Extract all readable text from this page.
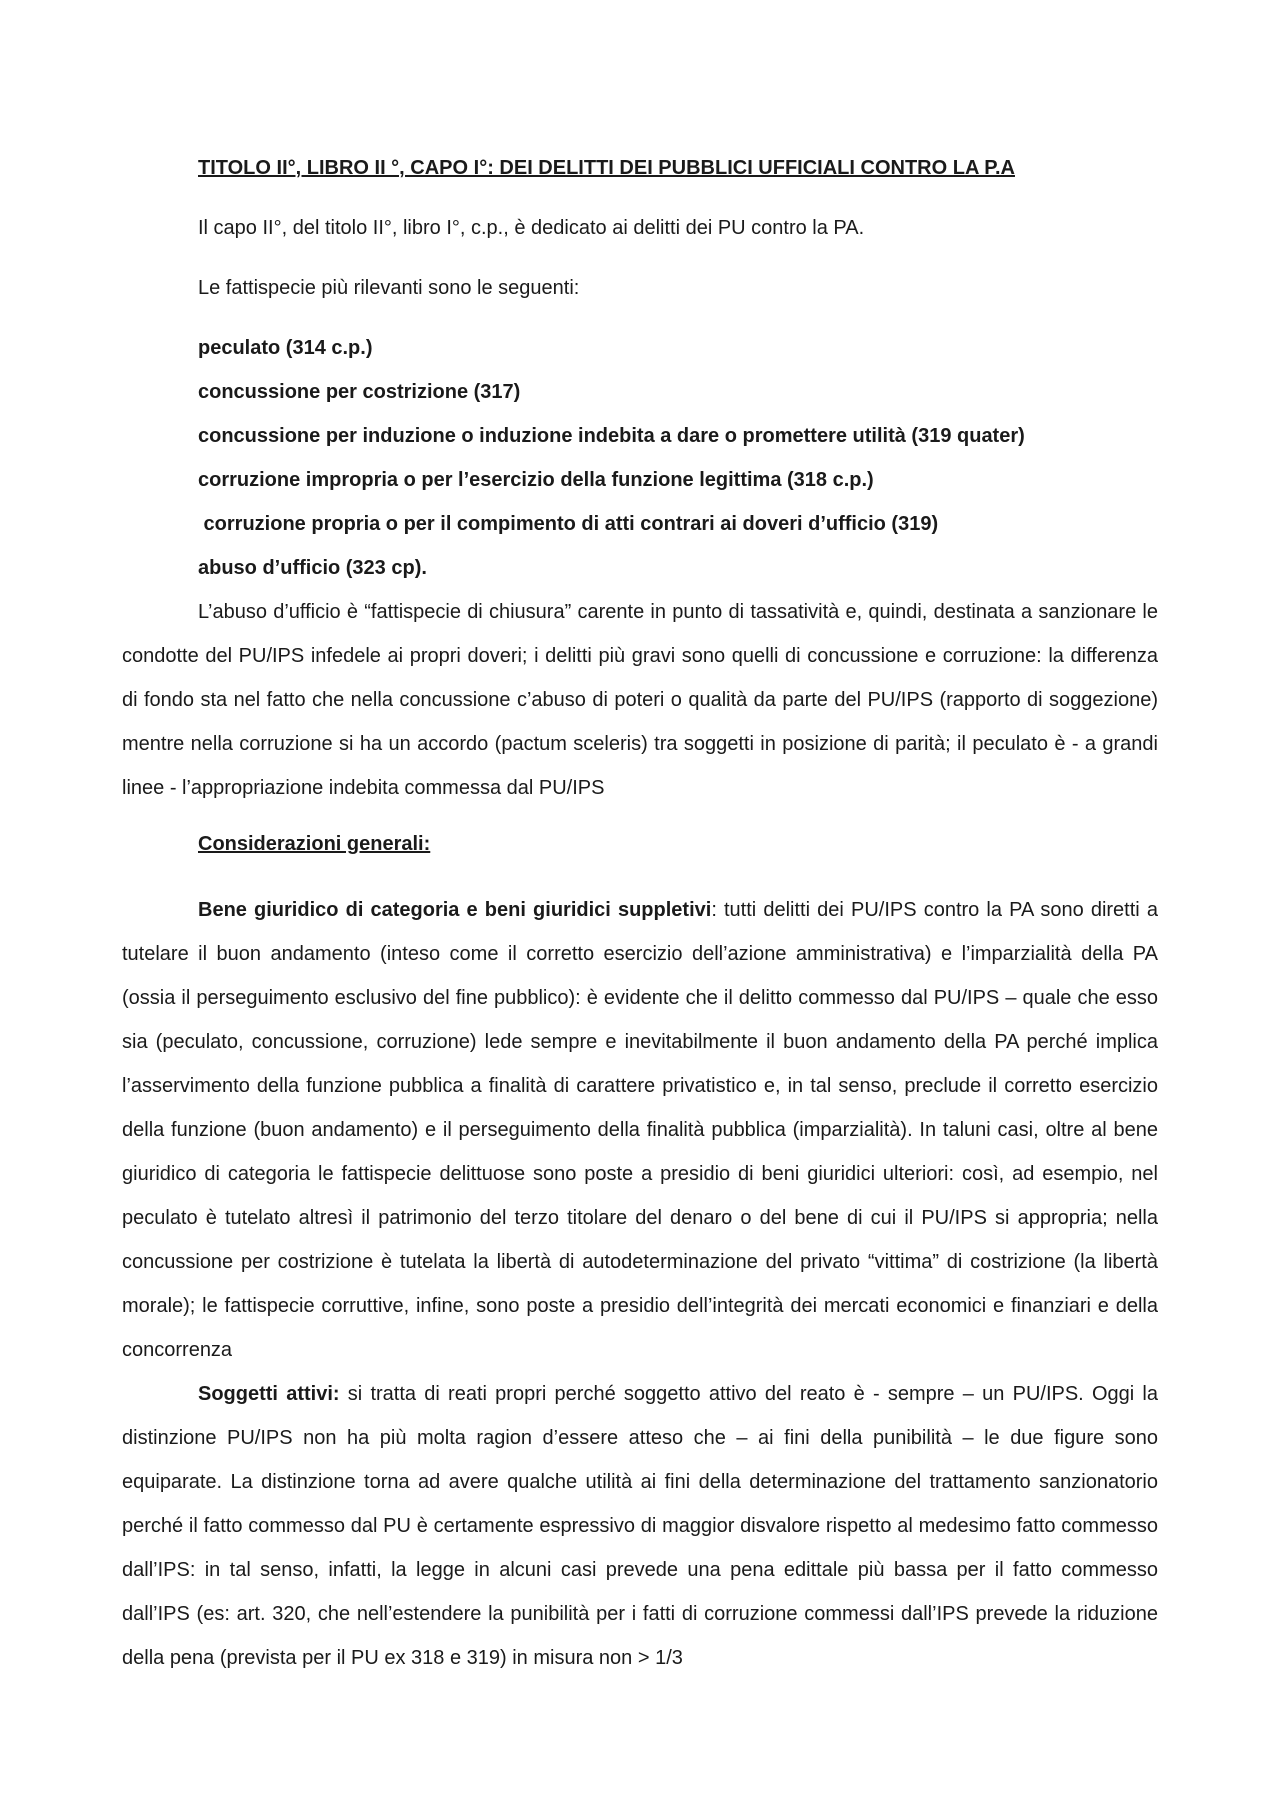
TITOLO II°, LIBRO II °, CAPO I°: DEI DELITTI DEI PUBBLICI UFFICIALI CONTRO LA P.A
Il capo II°, del titolo II°, libro I°, c.p., è dedicato ai delitti dei PU contro la PA.
Le fattispecie più rilevanti sono le seguenti:
peculato (314 c.p.)
concussione per costrizione (317)
concussione per induzione o induzione indebita a dare o promettere utilità (319 quater)
corruzione impropria o per l’esercizio della funzione legittima (318 c.p.)
corruzione propria o per il compimento di atti contrari ai doveri d’ufficio (319)
abuso d’ufficio (323 cp).

L’abuso d’ufficio è “fattispecie di chiusura” carente in punto di tassatività e, quindi, destinata a sanzionare le condotte del PU/IPS infedele ai propri doveri; i delitti più gravi sono quelli di concussione e corruzione: la differenza di fondo sta nel fatto che nella concussione c’abuso di poteri o qualità da parte del PU/IPS (rapporto di soggezione) mentre nella corruzione si ha un accordo (pactum sceleris) tra soggetti in posizione di parità; il peculato è - a grandi linee - l’appropriazione indebita commessa dal PU/IPS

Considerazioni generali:

Bene giuridico di categoria e beni giuridici suppletivi: tutti delitti dei PU/IPS contro la PA sono diretti a tutelare il buon andamento (inteso come il corretto esercizio dell’azione amministrativa) e l’imparzialità della PA (ossia il perseguimento esclusivo del fine pubblico): è evidente che il delitto commesso dal PU/IPS – quale che esso sia (peculato, concussione, corruzione) lede sempre e inevitabilmente il buon andamento della PA perché implica l’asservimento della funzione pubblica a finalità di carattere privatistico e, in tal senso, preclude il corretto esercizio della funzione (buon andamento) e il perseguimento della finalità pubblica (imparzialità). In taluni casi, oltre al bene giuridico di categoria le fattispecie delittuose sono poste a presidio di beni giuridici ulteriori: così, ad esempio, nel peculato è tutelato altresì il patrimonio del terzo titolare del denaro o del bene di cui il PU/IPS si appropria; nella concussione per costrizione è tutelata la libertà di autodeterminazione del privato “vittima” di costrizione (la libertà morale); le fattispecie corruttive, infine, sono poste a presidio dell’integrità dei mercati economici e finanziari e della concorrenza

Soggetti attivi: si tratta di reati propri perché soggetto attivo del reato è - sempre – un PU/IPS. Oggi la distinzione PU/IPS non ha più molta ragion d’essere atteso che – ai fini della punibilità – le due figure sono equiparate. La distinzione torna ad avere qualche utilità ai fini della determinazione del trattamento sanzionatorio perché il fatto commesso dal PU è certamente espressivo di maggior disvalore rispetto al medesimo fatto commesso dall’IPS: in tal senso, infatti, la legge in alcuni casi prevede una pena edittale più bassa per il fatto commesso dall’IPS (es: art. 320, che nell’estendere la punibilità per i fatti di corruzione commessi dall’IPS prevede la riduzione della pena (prevista per il PU ex 318 e 319) in misura non > 1/3
